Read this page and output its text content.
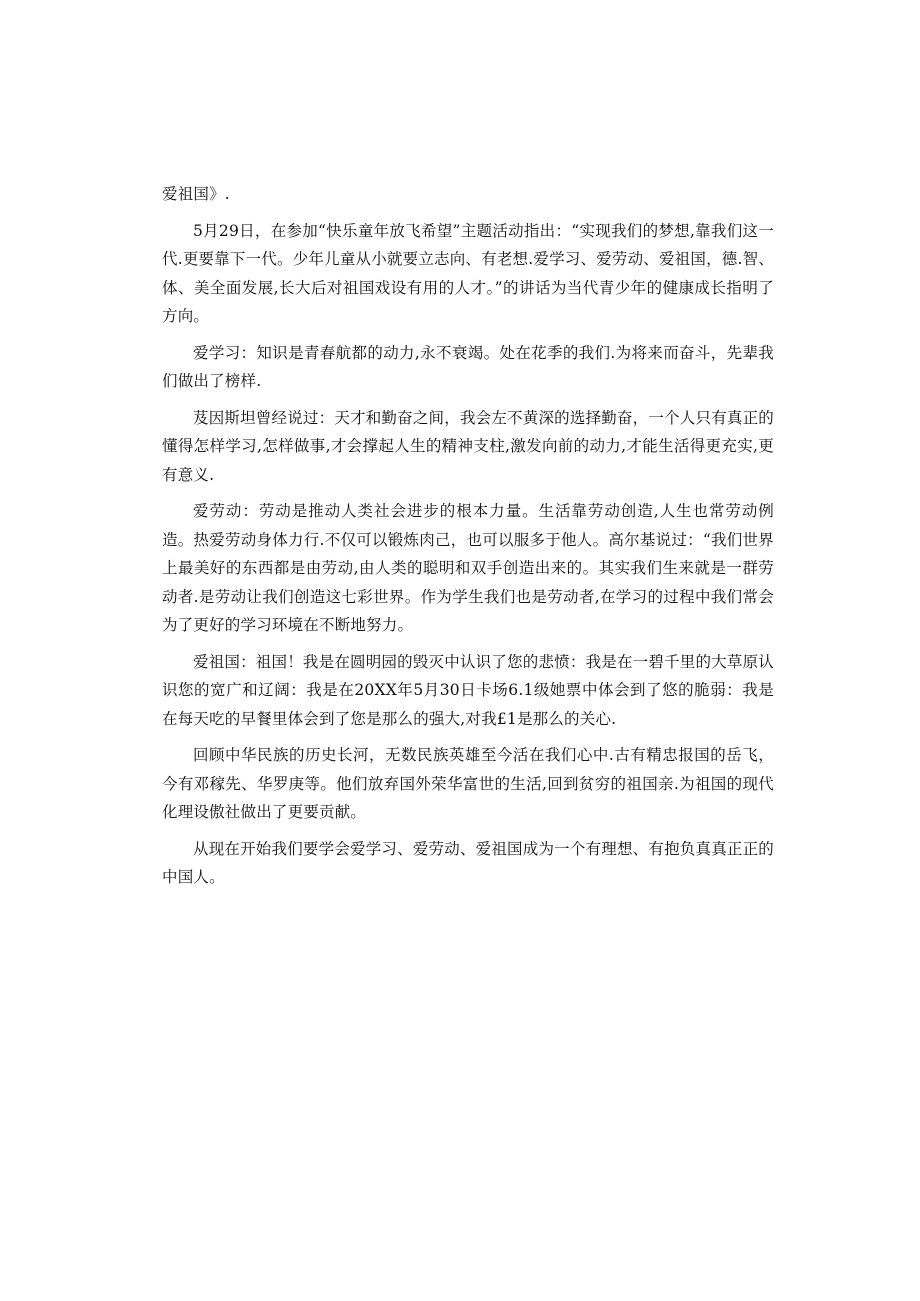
爱祖国》.

5月29日，在参加“快乐童年放飞希望”主题活动指出：“实现我们的梦想,靠我们这一代.更要靠下一代。少年儿童从小就要立志向、有老想.爱学习、爱劳动、爱祖国，德.智、体、美全面发展,长大后对祖国戏设有用的人才。”的讲话为当代青少年的健康成长指明了方向。

爱学习：知识是青春航都的动力,永不衰竭。处在花季的我们.为将来而奋斗，先辈我们做出了榜样.

芨因斯坦曾经说过：天才和勤奋之间，我会左不黄深的选择勤奋，一个人只有真正的懂得怎样学习,怎样做事,才会撑起人生的精神支柱,激发向前的动力,才能生活得更充实,更有意义.

爱劳动：劳动是推动人类社会进步的根本力量。生活靠劳动创造,人生也常劳动例造。热爱劳动身体力行.不仅可以锻炼肉己，也可以服多于他人。高尔基说过：“我们世界上最美好的东西都是由劳动,由人类的聪明和双手创造出来的。其实我们生来就是一群劳动者.是劳动让我们创造这七彩世界。作为学生我们也是劳动者,在学习的过程中我们常会为了更好的学习环境在不断地努力。

爱祖国：祖国！我是在圆明园的毁灭中认识了您的悲愤：我是在一碧千里的大草原认识您的宽广和辽阔：我是在20XX年5月30日卡场6.1级她票中体会到了悠的脆弱：我是在每天吃的早餐里体会到了您是那么的强大,对我£1是那么的关心.

回顾中华民族的历史长河，无数民族英雄至今活在我们心中.古有精忠报国的岳飞，今有邓稼先、华罗庚等。他们放弃国外荣华富世的生活,回到贫穷的祖国亲.为祖国的现代化理设傲社做出了更要贡献。

从现在开始我们要学会爱学习、爱劳动、爱祖国成为一个有理想、有抱负真真正正的中国人。
